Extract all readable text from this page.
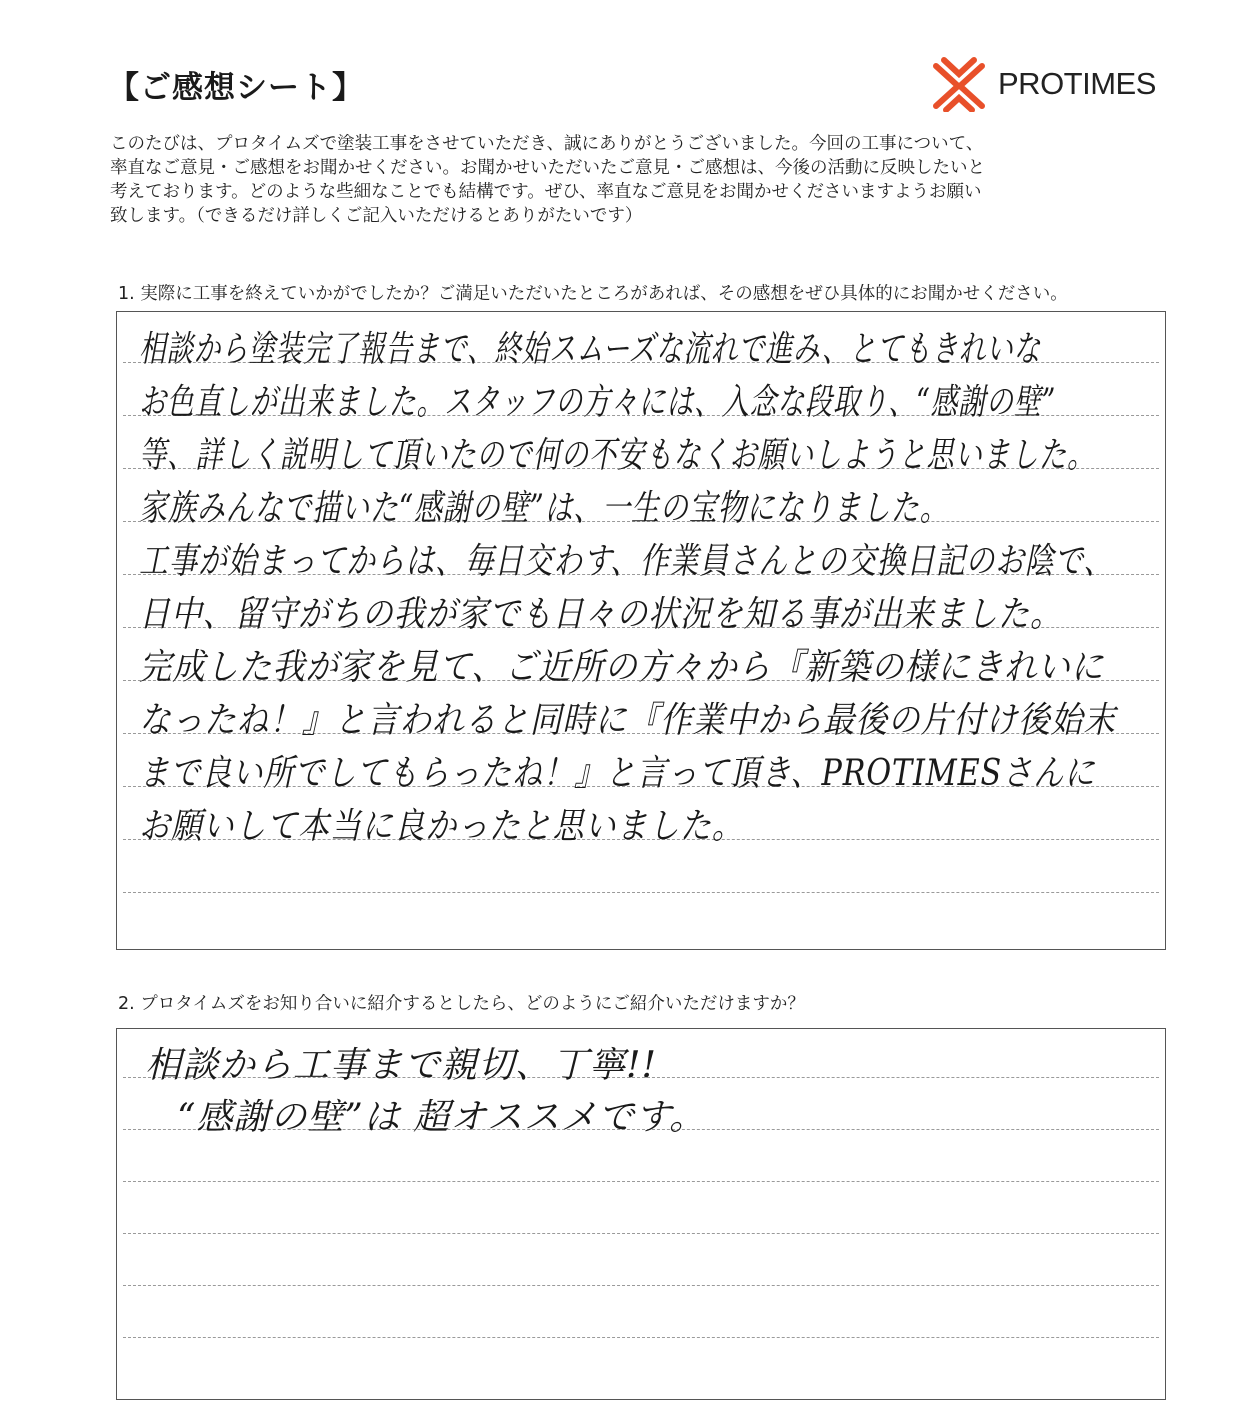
【ご感想シート】	PROTIMES
このたびは、プロタイムズで塗装工事をさせていただき、誠にありがとうございました。今回の工事について、
率直なご意見・ご感想をお聞かせください。お聞かせいただいたご意見・ご感想は、今後の活動に反映したいと
考えております。どのような些細なことでも結構です。ぜひ、率直なご意見をお聞かせくださいますようお願い
致します。（できるだけ詳しくご記入いただけるとありがたいです）
1. 実際に工事を終えていかがでしたか？ご満足いただいたところがあれば、その感想をぜひ具体的にお聞かせください。
相談から塗装完了報告まで、終始スムーズな流れで進み、とてもきれいな
お色直しが出来ました。スタッフの方々には、入念な段取り、“感謝の壁”
等、詳しく説明して頂いたので何の不安もなくお願いしようと思いました。
家族みんなで描いた“感謝の壁”は、一生の宝物になりました。
工事が始まってからは、毎日交わす、作業員さんとの交換日記のお陰で、
日中、留守がちの我が家でも日々の状況を知る事が出来ました。
完成した我が家を見て、ご近所の方々から『新築の様にきれいに
なったね！』と言われると同時に『作業中から最後の片付け後始末
まで良い所でしてもらったね！』と言って頂き、PROTIMESさんに
お願いして本当に良かったと思いました。
2. プロタイムズをお知り合いに紹介するとしたら、どのようにご紹介いただけますか？
相談から工事まで親切、丁寧!!
“感謝の壁”は 超オススメです。
